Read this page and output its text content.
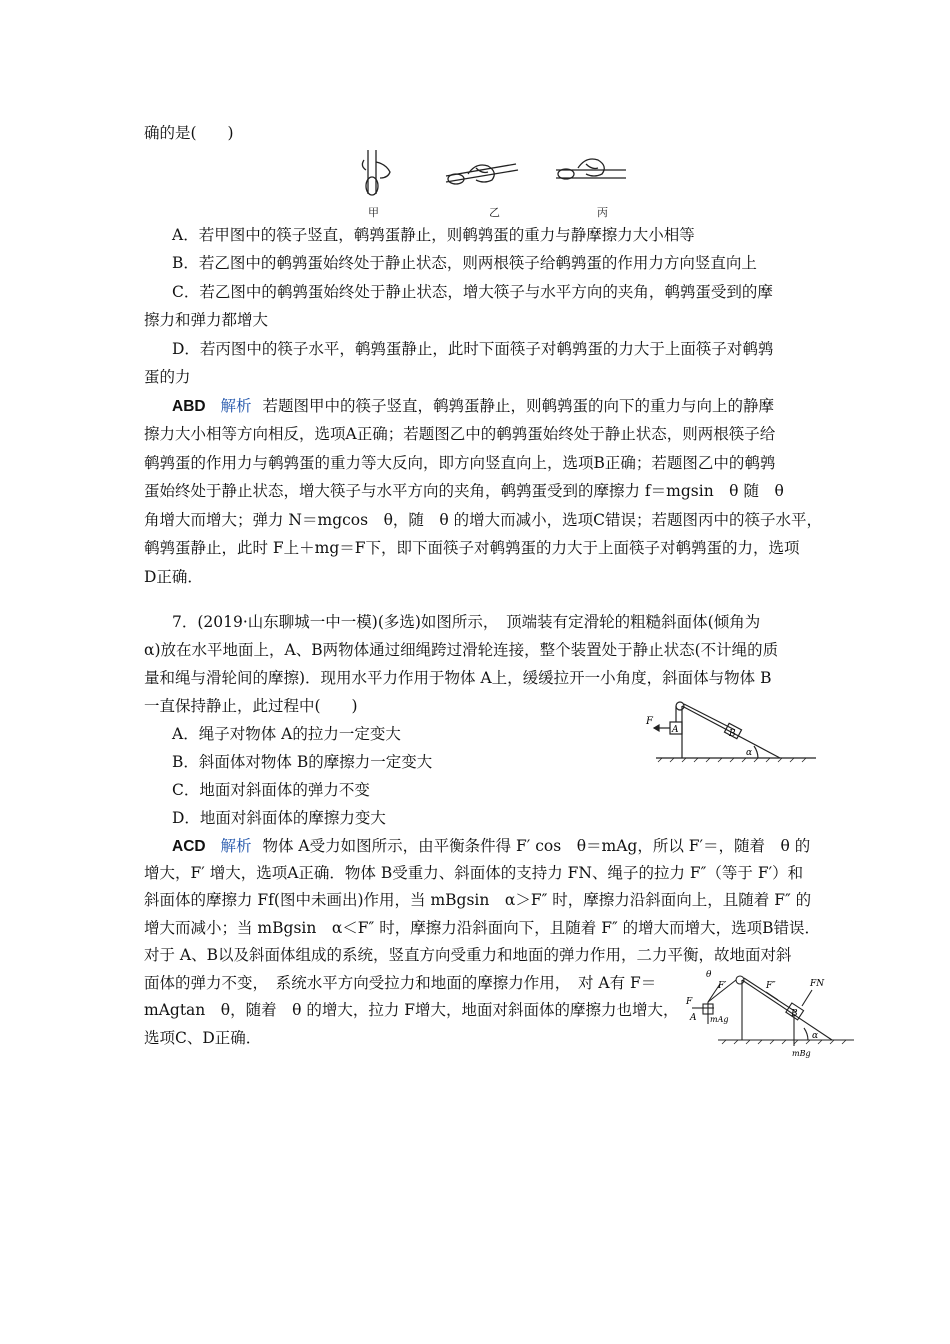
确的是(　　)
甲	乙	丙
A．若甲图中的筷子竖直，鹌鹑蛋静止，则鹌鹑蛋的重力与静摩擦力大小相等
B．若乙图中的鹌鹑蛋始终处于静止状态，则两根筷子给鹌鹑蛋的作用力方向竖直向上
C．若乙图中的鹌鹑蛋始终处于静止状态，增大筷子与水平方向的夹角，鹌鹑蛋受到的摩
擦力和弹力都增大
D．若丙图中的筷子水平，鹌鹑蛋静止，此时下面筷子对鹌鹑蛋的力大于上面筷子对鹌鹑
蛋的力
ABD 解析 若题图甲中的筷子竖直，鹌鹑蛋静止，则鹌鹑蛋的向下的重力与向上的静摩
擦力大小相等方向相反，选项A正确；若题图乙中的鹌鹑蛋始终处于静止状态，则两根筷子给
鹌鹑蛋的作用力与鹌鹑蛋的重力等大反向，即方向竖直向上，选项B正确；若题图乙中的鹌鹑
蛋始终处于静止状态，增大筷子与水平方向的夹角，鹌鹑蛋受到的摩擦力 f＝mgsin　θ 随　θ
角增大而增大；弹力 N＝mgcos　θ，随　θ 的增大而减小，选项C错误；若题图丙中的筷子水平，
鹌鹑蛋静止，此时 F上＋mg＝F下，即下面筷子对鹌鹑蛋的力大于上面筷子对鹌鹑蛋的力，选项
D正确．
7．(2019·山东聊城一中一模)(多选)如图所示，　顶端装有定滑轮的粗糙斜面体(倾角为
α)放在水平地面上，A、B两物体通过细绳跨过滑轮连接，整个装置处于静止状态(不计绳的质
量和绳与滑轮间的摩擦)．现用水平力作用于物体 A上，缓缓拉开一小角度，斜面体与物体 B
一直保持静止，此过程中(　　)
A．绳子对物体 A的拉力一定变大
B．斜面体对物体 B的摩擦力一定变大
C．地面对斜面体的弹力不变
D．地面对斜面体的摩擦力变大
F
A	B
α
ACD 解析 物体 A受力如图所示，由平衡条件得 F′ cos　θ＝mAg，所以 F′＝，随着　θ 的
增大，F′ 增大，选项A正确．物体 B受重力、斜面体的支持力 FN、绳子的拉力 F″（等于 F′）和
斜面体的摩擦力 Ff(图中未画出)作用，当 mBgsin　α＞F″ 时，摩擦力沿斜面向上，且随着 F″ 的
增大而减小；当 mBgsin　α＜F″ 时，摩擦力沿斜面向下，且随着 F″ 的增大而增大，选项B错误．
对于 A、B以及斜面体组成的系统，竖直方向受重力和地面的弹力作用，二力平衡，故地面对斜
面体的弹力不变，　系统水平方向受拉力和地面的摩擦力作用，　对 A有 F＝
mAgtan　θ，随着　θ 的增大，拉力 F增大，地面对斜面体的摩擦力也增大，
选项C、D正确．
θ
F′	F″	FN
F
A mAg
B
α
mBg
